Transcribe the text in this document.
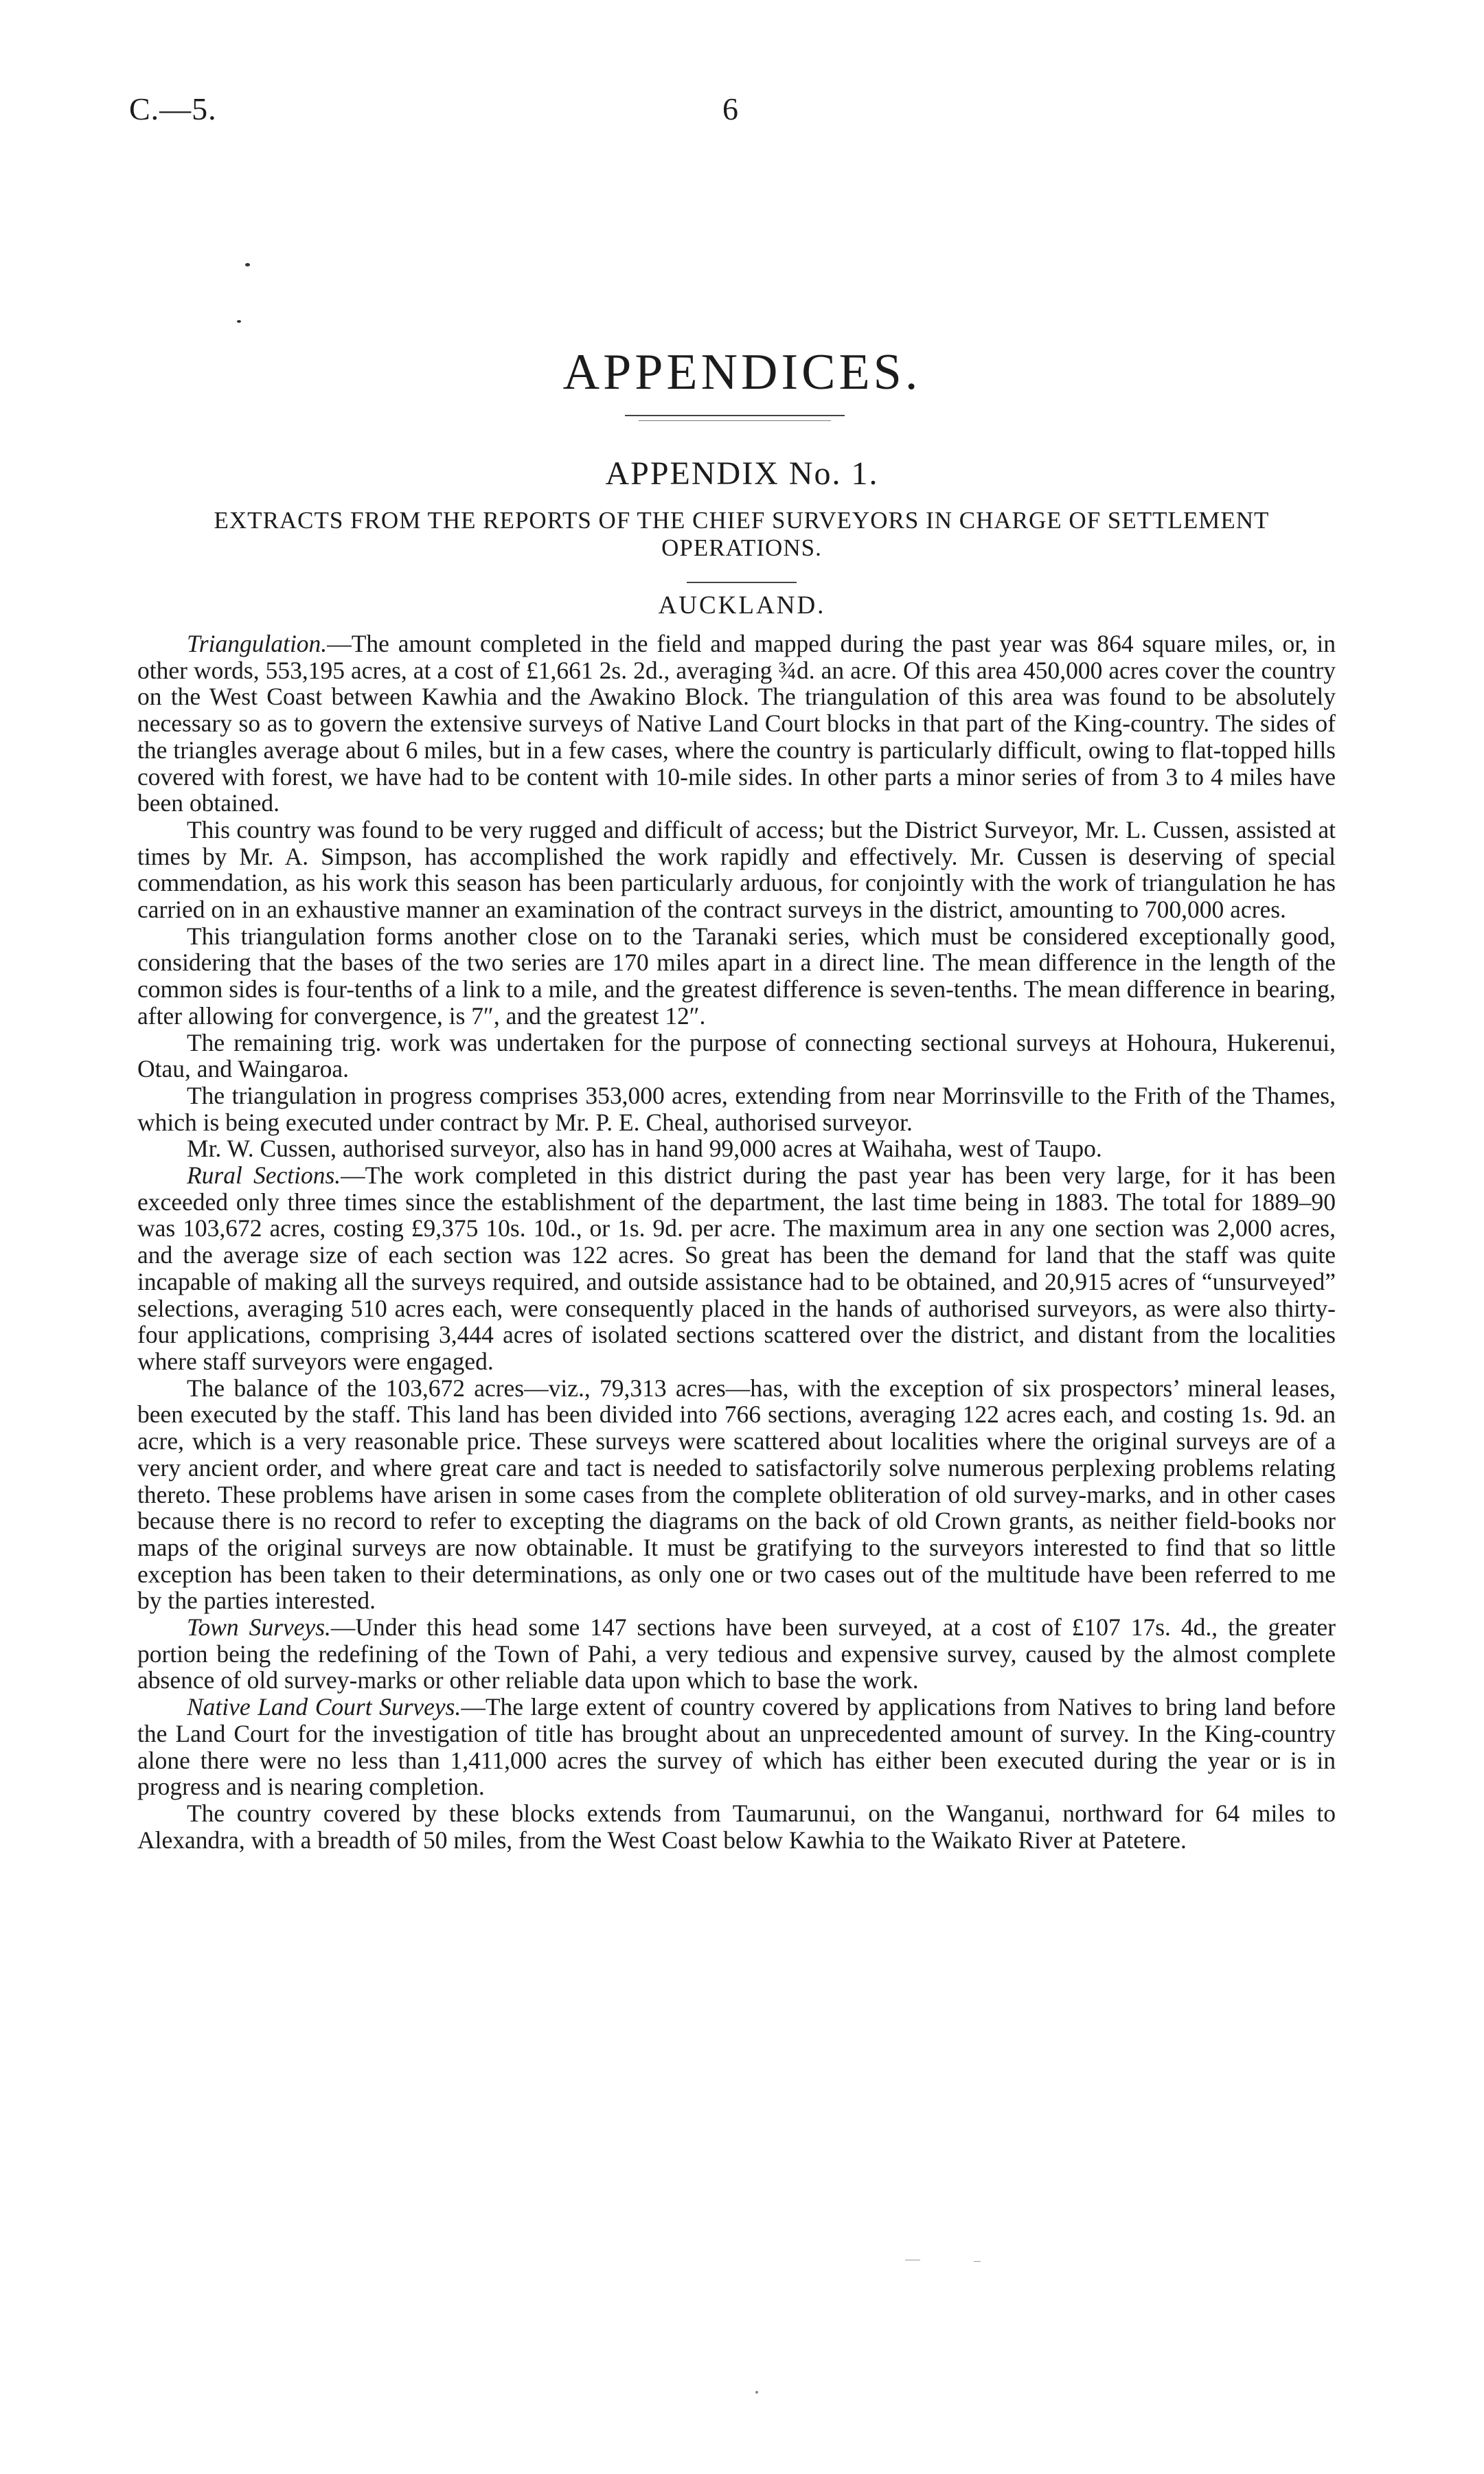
C.—5.	6
APPENDICES.
APPENDIX No. 1.
EXTRACTS FROM THE REPORTS OF THE CHIEF SURVEYORS IN CHARGE OF SETTLEMENT OPERATIONS.
AUCKLAND.

Triangulation.—The amount completed in the field and mapped during the past year was 864 square miles, or, in other words, 553,195 acres, at a cost of £1,661 2s. 2d., averaging ¾d. an acre. Of this area 450,000 acres cover the country on the West Coast between Kawhia and the Awakino Block. The triangulation of this area was found to be absolutely necessary so as to govern the extensive surveys of Native Land Court blocks in that part of the King-country. The sides of the triangles average about 6 miles, but in a few cases, where the country is particularly difficult, owing to flat-topped hills covered with forest, we have had to be content with 10-mile sides. In other parts a minor series of from 3 to 4 miles have been obtained.

This country was found to be very rugged and difficult of access; but the District Surveyor, Mr. L. Cussen, assisted at times by Mr. A. Simpson, has accomplished the work rapidly and effectively. Mr. Cussen is deserving of special commendation, as his work this season has been particularly arduous, for conjointly with the work of triangulation he has carried on in an exhaustive manner an examination of the contract surveys in the district, amounting to 700,000 acres.

This triangulation forms another close on to the Taranaki series, which must be considered exceptionally good, considering that the bases of the two series are 170 miles apart in a direct line. The mean difference in the length of the common sides is four-tenths of a link to a mile, and the greatest difference is seven-tenths. The mean difference in bearing, after allowing for convergence, is 7″, and the greatest 12″.

The remaining trig. work was undertaken for the purpose of connecting sectional surveys at Hohoura, Hukerenui, Otau, and Waingaroa.

The triangulation in progress comprises 353,000 acres, extending from near Morrinsville to the Frith of the Thames, which is being executed under contract by Mr. P. E. Cheal, authorised surveyor.

Mr. W. Cussen, authorised surveyor, also has in hand 99,000 acres at Waihaha, west of Taupo.

Rural Sections.—The work completed in this district during the past year has been very large, for it has been exceeded only three times since the establishment of the department, the last time being in 1883. The total for 1889–90 was 103,672 acres, costing £9,375 10s. 10d., or 1s. 9d. per acre. The maximum area in any one section was 2,000 acres, and the average size of each section was 122 acres. So great has been the demand for land that the staff was quite incapable of making all the surveys required, and outside assistance had to be obtained, and 20,915 acres of “unsurveyed” selections, averaging 510 acres each, were consequently placed in the hands of authorised surveyors, as were also thirty-four applications, comprising 3,444 acres of isolated sections scattered over the district, and distant from the localities where staff surveyors were engaged.

The balance of the 103,672 acres—viz., 79,313 acres—has, with the exception of six prospectors’ mineral leases, been executed by the staff. This land has been divided into 766 sections, averaging 122 acres each, and costing 1s. 9d. an acre, which is a very reasonable price. These surveys were scattered about localities where the original surveys are of a very ancient order, and where great care and tact is needed to satisfactorily solve numerous perplexing problems relating thereto. These problems have arisen in some cases from the complete obliteration of old survey-marks, and in other cases because there is no record to refer to excepting the diagrams on the back of old Crown grants, as neither field-books nor maps of the original surveys are now obtainable. It must be gratifying to the surveyors interested to find that so little exception has been taken to their determinations, as only one or two cases out of the multitude have been referred to me by the parties interested.

Town Surveys.—Under this head some 147 sections have been surveyed, at a cost of £107 17s. 4d., the greater portion being the redefining of the Town of Pahi, a very tedious and expensive survey, caused by the almost complete absence of old survey-marks or other reliable data upon which to base the work.

Native Land Court Surveys.—The large extent of country covered by applications from Natives to bring land before the Land Court for the investigation of title has brought about an unprecedented amount of survey. In the King-country alone there were no less than 1,411,000 acres the survey of which has either been executed during the year or is in progress and is nearing completion.

The country covered by these blocks extends from Taumarunui, on the Wanganui, northward for 64 miles to Alexandra, with a breadth of 50 miles, from the West Coast below Kawhia to the Waikato River at Patetere.
